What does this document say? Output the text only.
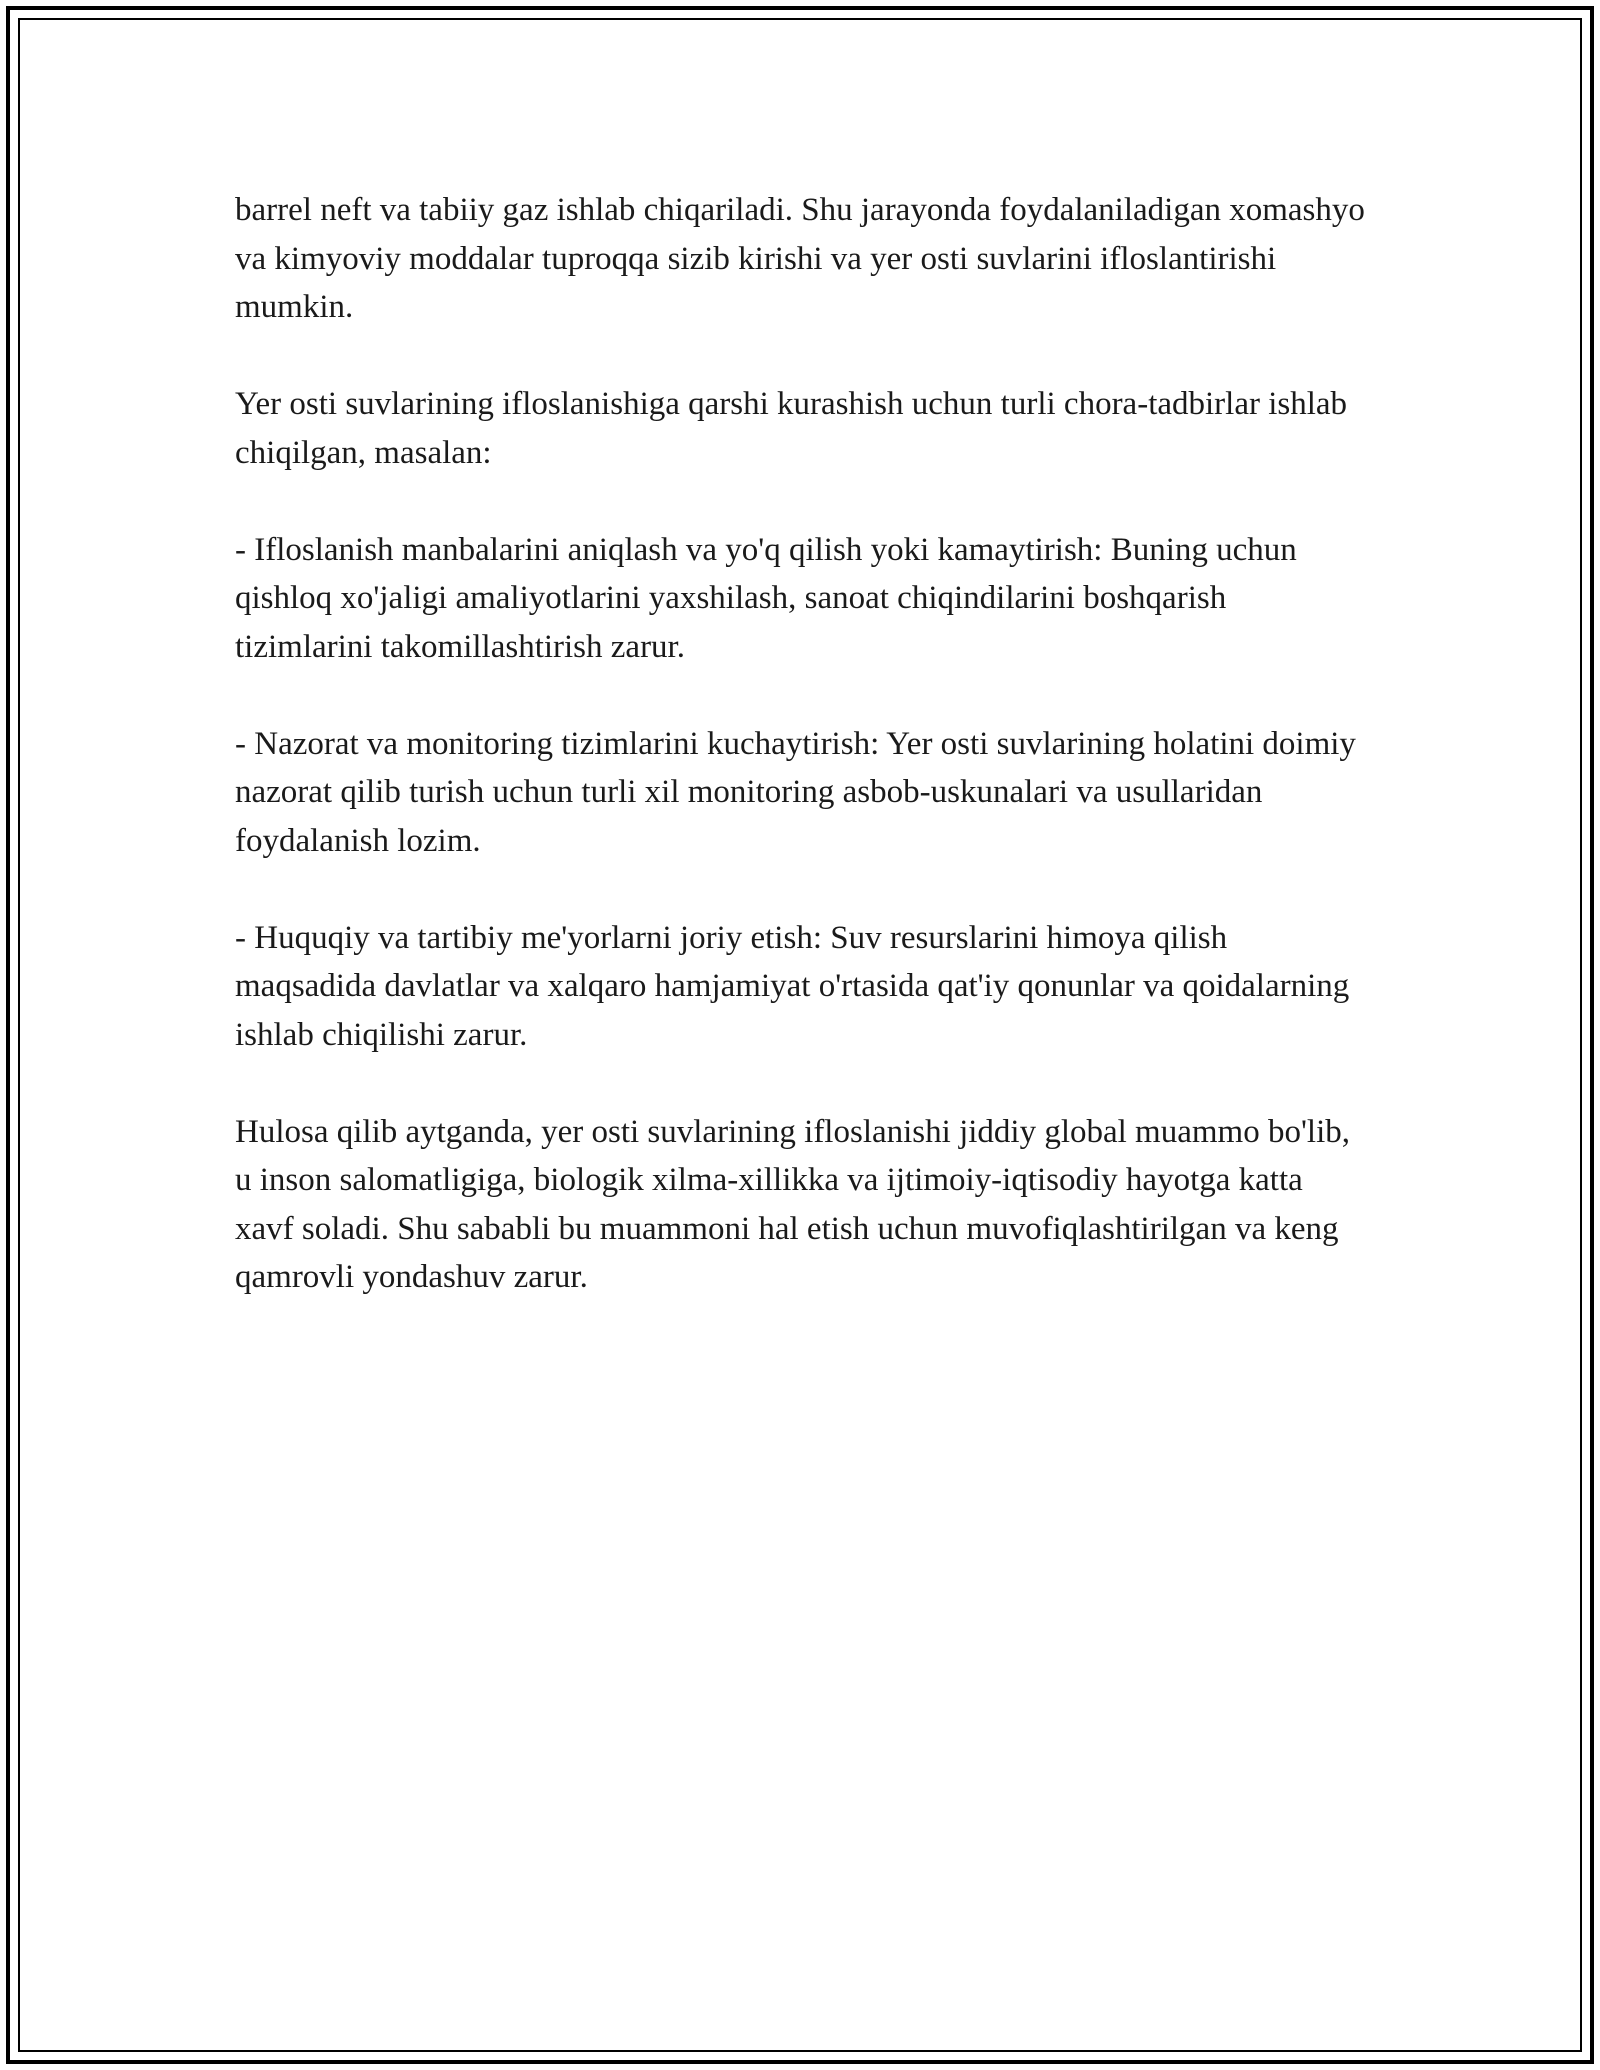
barrel neft va tabiiy gaz ishlab chiqariladi. Shu jarayonda foydalaniladigan xomashyo va kimyoviy moddalar tuproqqa sizib kirishi va yer osti suvlarini ifloslantirishi mumkin.

Yer osti suvlarining ifloslanishiga qarshi kurashish uchun turli chora-tadbirlar ishlab chiqilgan, masalan:

- Ifloslanish manbalarini aniqlash va yo'q qilish yoki kamaytirish: Buning uchun qishloq xo'jaligi amaliyotlarini yaxshilash, sanoat chiqindilarini boshqarish tizimlarini takomillashtirish zarur.

- Nazorat va monitoring tizimlarini kuchaytirish: Yer osti suvlarining holatini doimiy nazorat qilib turish uchun turli xil monitoring asbob-uskunalari va usullaridan foydalanish lozim.

- Huquqiy va tartibiy me'yorlarni joriy etish: Suv resurslarini himoya qilish maqsadida davlatlar va xalqaro hamjamiyat o'rtasida qat'iy qonunlar va qoidalarning ishlab chiqilishi zarur.

Hulosa qilib aytganda, yer osti suvlarining ifloslanishi jiddiy global muammo bo'lib, u inson salomatligiga, biologik xilma-xillikka va ijtimoiy-iqtisodiy hayotga katta xavf soladi. Shu sababli bu muammoni hal etish uchun muvofiqlashtirilgan va keng qamrovli yondashuv zarur.
